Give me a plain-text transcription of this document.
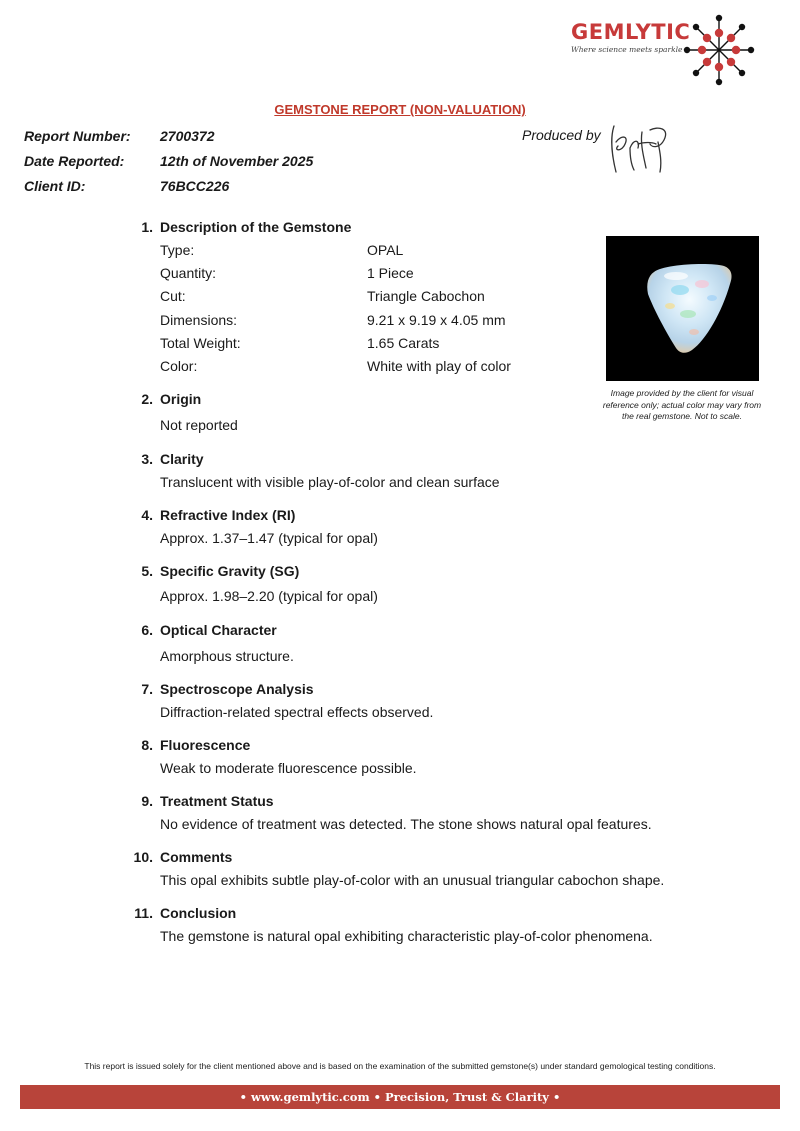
GEMLYTIC
Where science meets sparkle
GEMSTONE REPORT (NON-VALUATION)
Report Number: 2700372
Date Reported:	12th of November 2025
Client ID:	76BCC226
Produced by
1. Description of the Gemstone
Type:	OPAL
Quantity:	1 Piece
Cut:	Triangle Cabochon
Dimensions:	9.21 x 9.19 x 4.05 mm
Total Weight:	1.65 Carats
Color:	White with play of color
Image provided by the client for visual reference only; actual color may vary from the real gemstone. Not to scale.
2. Origin
Not reported
3. Clarity
Translucent with visible play-of-color and clean surface
4. Refractive Index (RI)
Approx. 1.37–1.47 (typical for opal)
5. Specific Gravity (SG)
Approx. 1.98–2.20 (typical for opal)
6. Optical Character
Amorphous structure.
7. Spectroscope Analysis
Diffraction-related spectral effects observed.
8. Fluorescence
Weak to moderate fluorescence possible.
9. Treatment Status
No evidence of treatment was detected. The stone shows natural opal features.
10. Comments
This opal exhibits subtle play-of-color with an unusual triangular cabochon shape.
11. Conclusion
The gemstone is natural opal exhibiting characteristic play-of-color phenomena.
This report is issued solely for the client mentioned above and is based on the examination of the submitted gemstone(s) under standard gemological testing conditions.
• www.gemlytic.com • Precision, Trust & Clarity •
